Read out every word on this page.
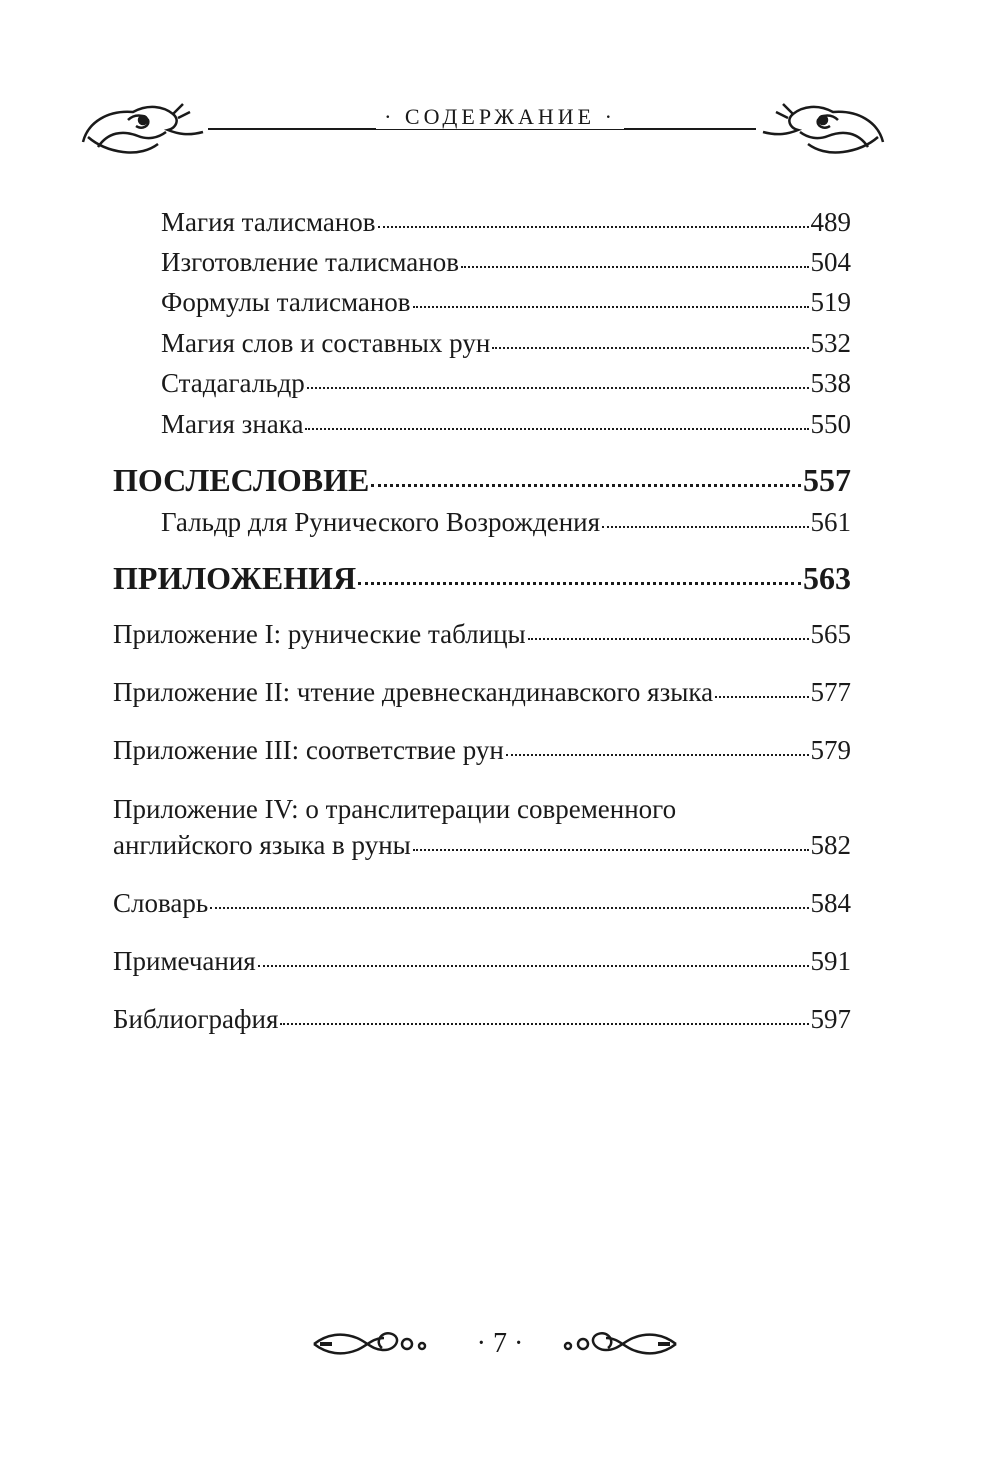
· СОДЕРЖАНИЕ ·
Магия талисманов	489
Изготовление талисманов	504
Формулы талисманов	519
Магия слов и составных рун	532
Стадагальдр	538
Магия знака	550
ПОСЛЕСЛОВИЕ	557
Гальдр для Рунического Возрождения	561
ПРИЛОЖЕНИЯ	563
Приложение I: рунические таблицы	565
Приложение II: чтение древнескандинавского языка	577
Приложение III: соответствие рун	579
Приложение IV: о транслитерации современного
английского языка в руны	582
Словарь	584
Примечания	591
Библиография	597
· 7 ·
